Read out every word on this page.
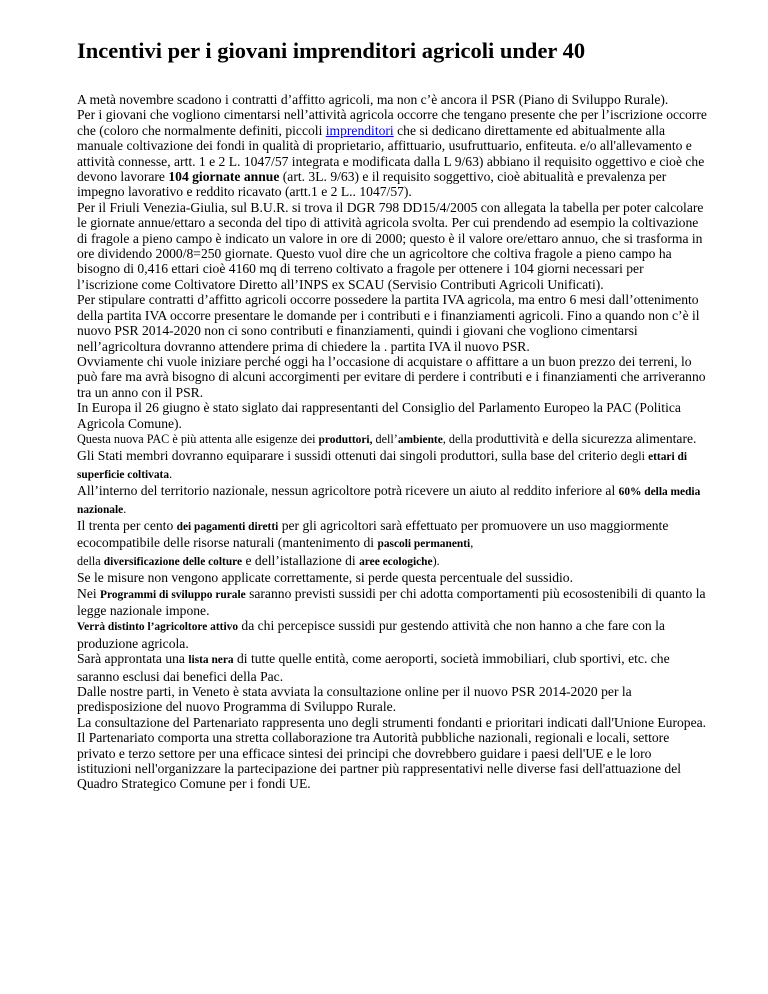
Incentivi per i giovani imprenditori agricoli under 40

A metà novembre scadono i contratti d’affitto agricoli, ma non c’è ancora il PSR (Piano di Sviluppo Rurale).

Per i giovani che vogliono cimentarsi nell’attività agricola occorre che tengano presente che per l’iscrizione occorre che (coloro che normalmente definiti, piccoli imprenditori che si dedicano direttamente ed abitualmente alla manuale coltivazione dei fondi in qualità di proprietario, affittuario, usufruttuario, enfiteuta. e/o all'allevamento e attività connesse, artt. 1 e 2 L. 1047/57 integrata e modificata dalla L 9/63) abbiano il requisito oggettivo e cioè che devono lavorare 104 giornate annue (art. 3L. 9/63) e il requisito soggettivo, cioè abitualità e prevalenza per impegno lavorativo e reddito ricavato (artt.1 e 2 L.. 1047/57).

Per il Friuli Venezia-Giulia, sul B.U.R. si trova il DGR 798 DD15/4/2005 con allegata la tabella per poter calcolare le giornate annue/ettaro a seconda del tipo di attività agricola svolta. Per cui prendendo ad esempio la coltivazione di fragole a pieno campo è indicato un valore in ore di 2000; questo è il valore ore/ettaro annuo, che si trasforma in ore dividendo 2000/8=250 giornate. Questo vuol dire che un agricoltore che coltiva fragole a pieno campo ha bisogno di 0,416 ettari cioè 4160 mq di terreno coltivato a fragole per ottenere i 104 giorni necessari per l’iscrizione come Coltivatore Diretto all’INPS ex SCAU (Servisio Contributi Agricoli Unificati).

Per stipulare contratti d’affitto agricoli occorre possedere la partita IVA agricola, ma entro 6 mesi dall’ottenimento della partita IVA occorre presentare le domande per i contributi e i finanziamenti agricoli. Fino a quando non c’è il nuovo PSR 2014-2020 non ci sono contributi e finanziamenti, quindi i giovani che vogliono cimentarsi nell’agricoltura dovranno attendere prima di chiedere la . partita IVA il nuovo PSR.

Ovviamente chi vuole iniziare perché oggi ha l’occasione di acquistare o affittare a un buon prezzo dei terreni, lo può fare ma avrà bisogno di alcuni accorgimenti per evitare di perdere i contributi e i finanziamenti che arriveranno tra un anno con il PSR.

In Europa il 26 giugno è stato siglato dai rappresentanti del Consiglio del Parlamento Europeo la PAC (Politica Agricola Comune).

Questa nuova PAC è più attenta alle esigenze dei produttori, dell’ambiente, della produttività e della sicurezza alimentare.

Gli Stati membri dovranno equiparare i sussidi ottenuti dai singoli produttori, sulla base del criterio degli ettari di superficie coltivata.

All’interno del territorio nazionale, nessun agricoltore potrà ricevere un aiuto al reddito inferiore al 60% della media nazionale.

Il trenta per cento dei pagamenti diretti per gli agricoltori sarà effettuato per promuovere un uso maggiormente ecocompatibile delle risorse naturali (mantenimento di pascoli permanenti,
della diversificazione delle colture e dell’istallazione di aree ecologiche).

Se le misure non vengono applicate correttamente, si perde questa percentuale del sussidio.

Nei Programmi di sviluppo rurale saranno previsti sussidi per chi adotta comportamenti più ecosostenibili di quanto la legge nazionale impone.

Verrà distinto l’agricoltore attivo da chi percepisce sussidi pur gestendo attività che non hanno a che fare con la produzione agricola.

Sarà approntata una lista nera di tutte quelle entità, come aeroporti, società immobiliari, club sportivi, etc. che saranno esclusi dai benefici della Pac.

Dalle nostre parti, in Veneto è stata avviata la consultazione online per il nuovo PSR 2014-2020 per la predisposizione del nuovo Programma di Sviluppo Rurale.

La consultazione del Partenariato rappresenta uno degli strumenti fondanti e prioritari indicati dall'Unione Europea.

Il Partenariato comporta una stretta collaborazione tra Autorità pubbliche nazionali, regionali e locali, settore privato e terzo settore per una efficace sintesi dei principi che dovrebbero guidare i paesi dell'UE e le loro istituzioni nell'organizzare la partecipazione dei partner più rappresentativi nelle diverse fasi dell'attuazione del Quadro Strategico Comune per i fondi UE.
